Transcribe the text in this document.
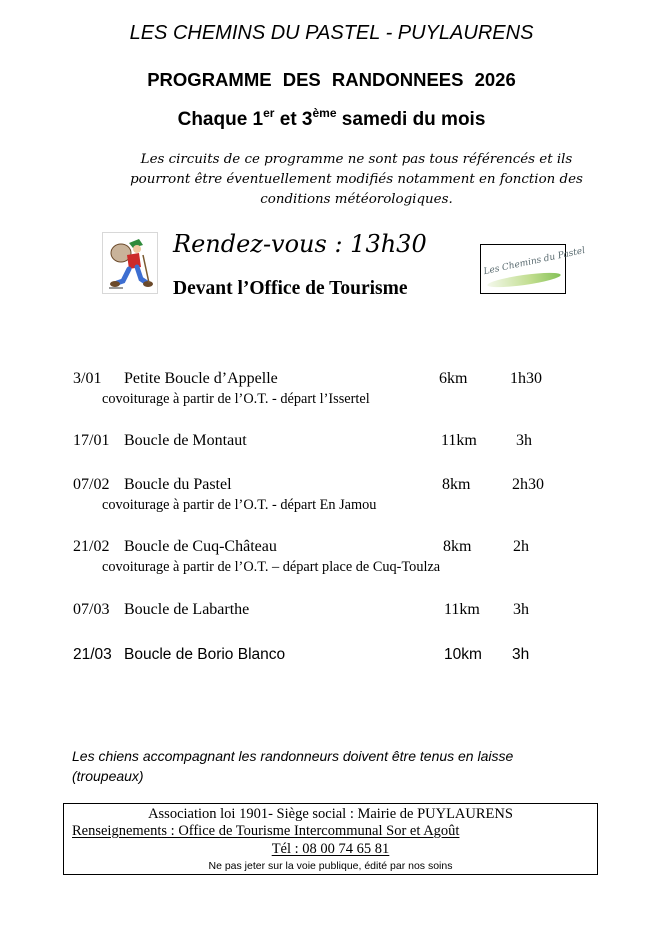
LES CHEMINS DU PASTEL - PUYLAURENS
PROGRAMME DES RANDONNEES 2026
Chaque 1er et 3ème samedi du mois
Les circuits de ce programme ne sont pas tous référencés et ils pourront être éventuellement modifiés notamment en fonction des conditions météorologiques.
Rendez-vous : 13h30
Devant l’Office de Tourisme
Les Chemins du Pastel
3/01 Petite Boucle d’Appelle	6km	1h30
covoiturage à partir de l’O.T. - départ l’Issertel
17/01 Boucle de Montaut	11km 3h
07/02 Boucle du Pastel	8km	2h30
covoiturage à partir de l’O.T. - départ En Jamou
21/02 Boucle de Cuq-Château	8km	2h
covoiturage à partir de l’O.T. – départ place de Cuq-Toulza
07/03 Boucle de Labarthe	11km 3h
21/03 Boucle de Borio Blanco	10km 3h
Les chiens accompagnant les randonneurs doivent être tenus en laisse (troupeaux)
Association loi 1901- Siège social : Mairie de PUYLAURENS
Renseignements : Office de Tourisme Intercommunal Sor et Agoût
Tél : 08 00 74 65 81
Ne pas jeter sur la voie publique, édité par nos soins
